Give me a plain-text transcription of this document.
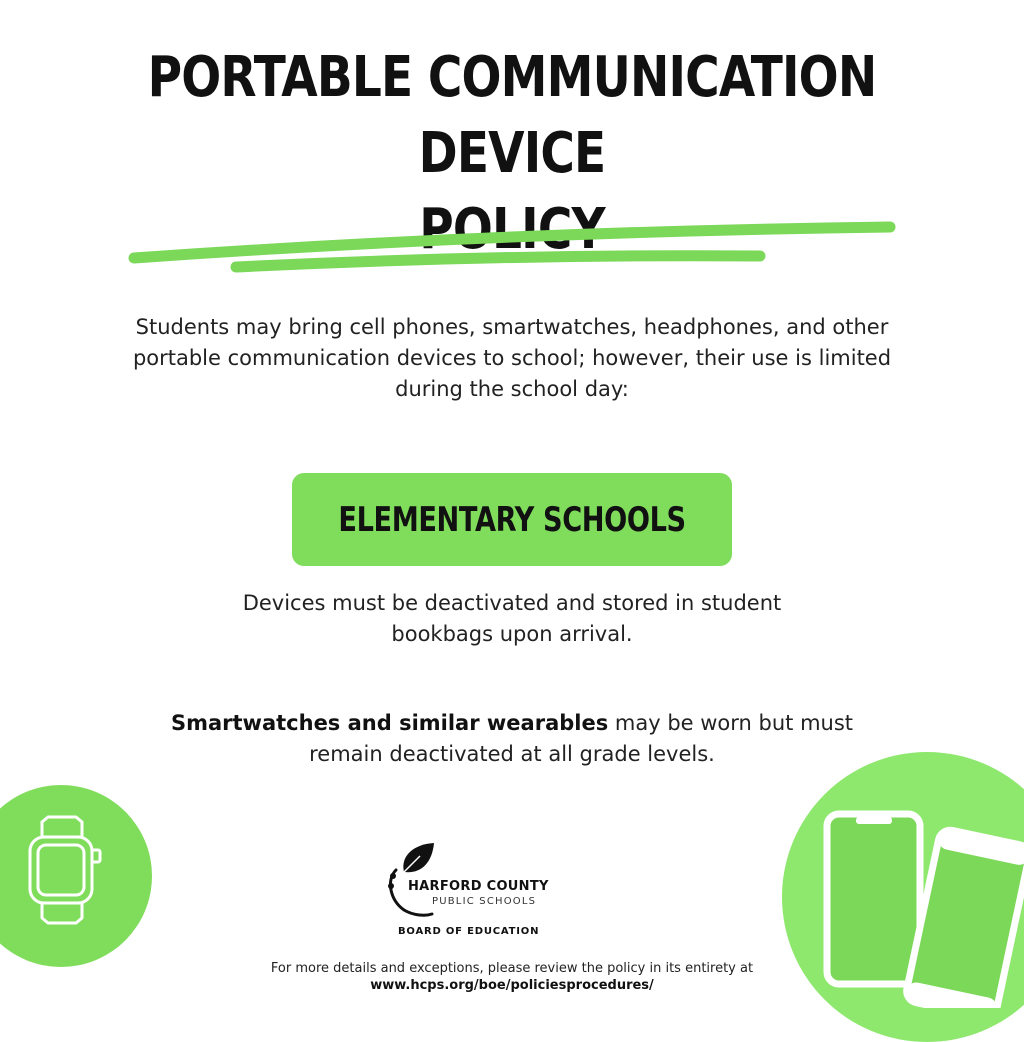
PORTABLE COMMUNICATION DEVICE
POLICY

Students may bring cell phones, smartwatches, headphones, and other portable communication devices to school; however, their use is limited during the school day:

ELEMENTARY SCHOOLS

Devices must be deactivated and stored in student bookbags upon arrival.

Smartwatches and similar wearables may be worn but must remain deactivated at all grade levels.

HARFORD COUNTY
PUBLIC SCHOOLS
BOARD OF EDUCATION
For more details and exceptions, please review the policy in its entirety at
www.hcps.org/boe/policiesprocedures/
